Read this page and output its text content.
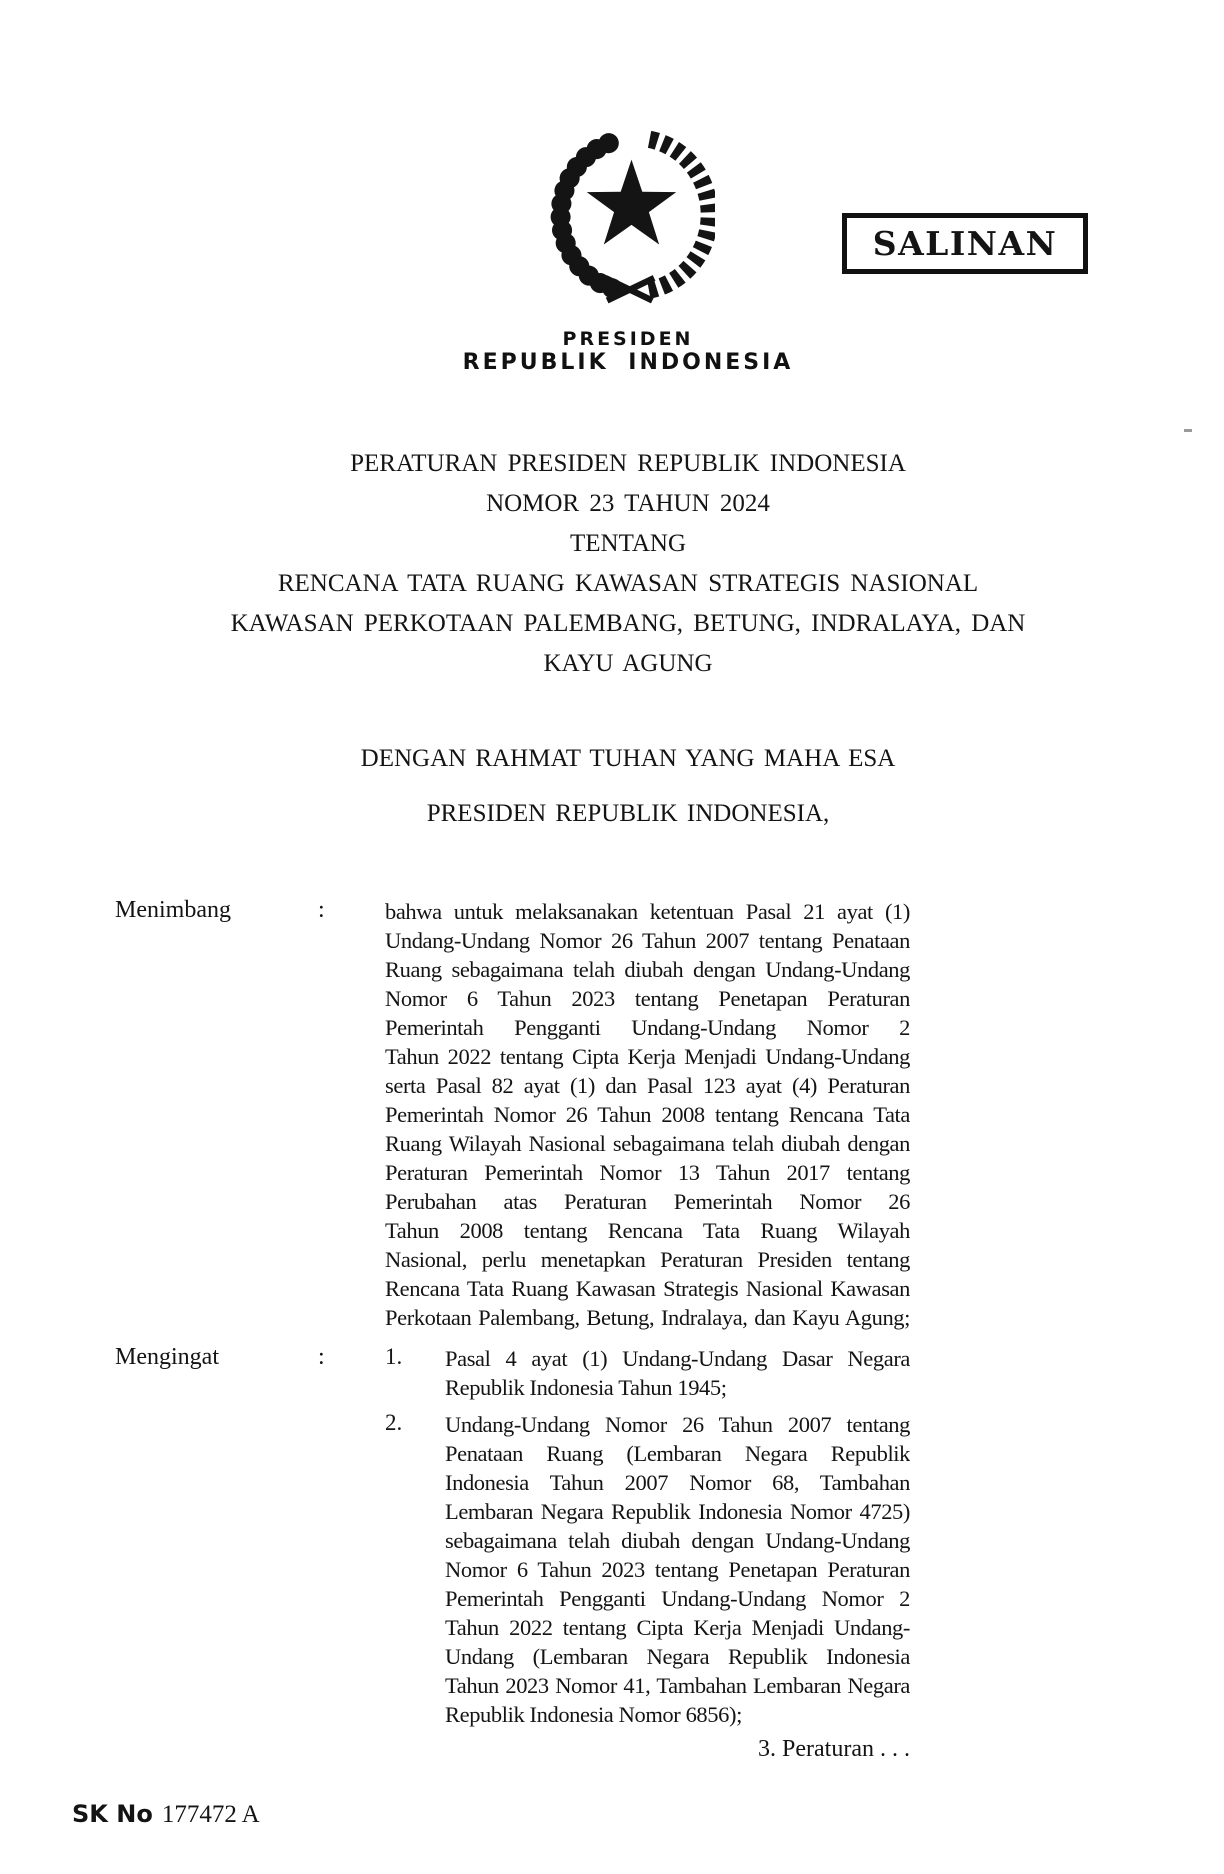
SALINAN
PRESIDEN
REPUBLIK INDONESIA
PERATURAN PRESIDEN REPUBLIK INDONESIA
NOMOR 23 TAHUN 2024
TENTANG
RENCANA TATA RUANG KAWASAN STRATEGIS NASIONAL
KAWASAN PERKOTAAN PALEMBANG, BETUNG, INDRALAYA, DAN
KAYU AGUNG
DENGAN RAHMAT TUHAN YANG MAHA ESA
PRESIDEN REPUBLIK INDONESIA,
Menimbang	:	bahwa untuk melaksanakan ketentuan Pasal 21 ayat (1)
Undang-Undang Nomor 26 Tahun 2007 tentang Penataan
Ruang sebagaimana telah diubah dengan Undang-Undang
Nomor 6 Tahun 2023 tentang Penetapan Peraturan
Pemerintah Pengganti Undang-Undang Nomor 2
Tahun 2022 tentang Cipta Kerja Menjadi Undang-Undang
serta Pasal 82 ayat (1) dan Pasal 123 ayat (4) Peraturan
Pemerintah Nomor 26 Tahun 2008 tentang Rencana Tata
Ruang Wilayah Nasional sebagaimana telah diubah dengan
Peraturan Pemerintah Nomor 13 Tahun 2017 tentang
Perubahan atas Peraturan Pemerintah Nomor 26
Tahun 2008 tentang Rencana Tata Ruang Wilayah
Nasional, perlu menetapkan Peraturan Presiden tentang
Rencana Tata Ruang Kawasan Strategis Nasional Kawasan
Perkotaan Palembang, Betung, Indralaya, dan Kayu Agung;
Mengingat	:	1. Pasal 4 ayat (1) Undang-Undang Dasar Negara
Republik Indonesia Tahun 1945;
2. Undang-Undang Nomor 26 Tahun 2007 tentang
Penataan Ruang (Lembaran Negara Republik
Indonesia Tahun 2007 Nomor 68, Tambahan
Lembaran Negara Republik Indonesia Nomor 4725)
sebagaimana telah diubah dengan Undang-Undang
Nomor 6 Tahun 2023 tentang Penetapan Peraturan
Pemerintah Pengganti Undang-Undang Nomor 2
Tahun 2022 tentang Cipta Kerja Menjadi Undang-
Undang (Lembaran Negara Republik Indonesia
Tahun 2023 Nomor 41, Tambahan Lembaran Negara
Republik Indonesia Nomor 6856);
3. Peraturan . . .
SK No 177472 A
